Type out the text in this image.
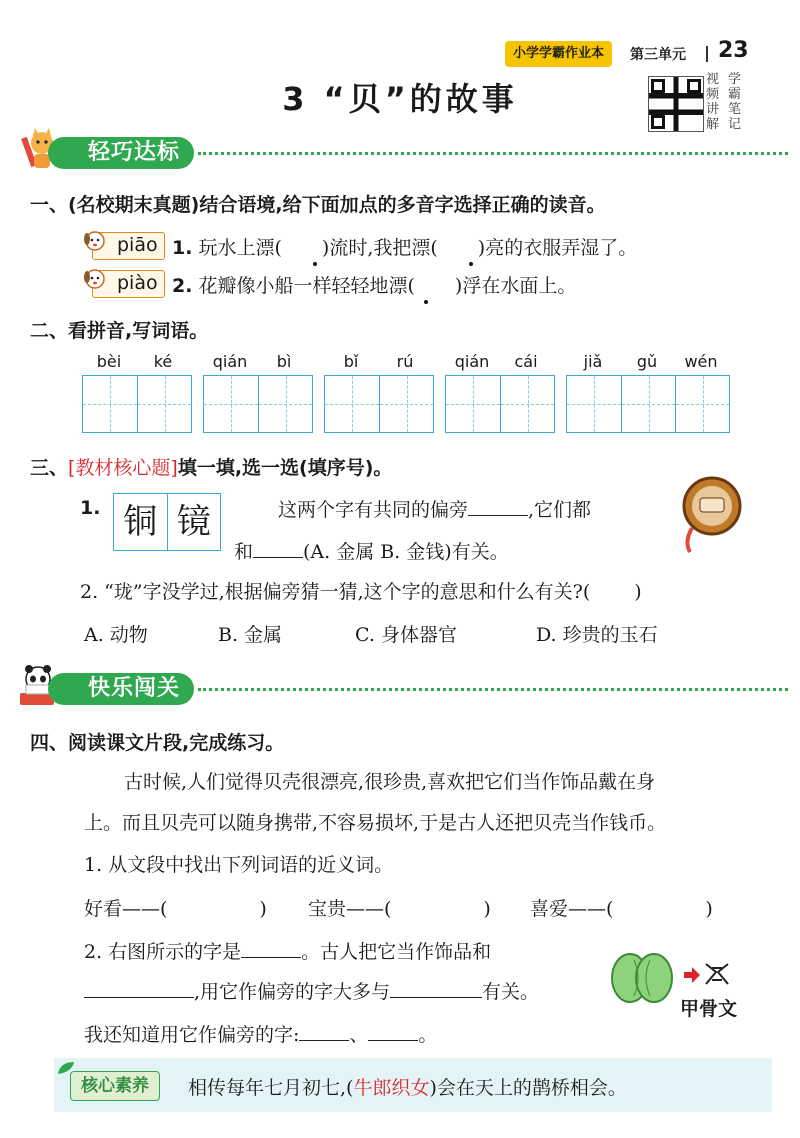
小学学霸作业本	第三单元 23
3 “贝”的故事
视频讲解
学霸笔记
轻巧达标
一、(名校期末真题)结合语境,给下面加点的多音字选择正确的读音。
piāo
piào
1. 玩水上漂( )流时,我把漂( )亮的衣服弄湿了。
2. 花瓣像小船一样轻轻地漂( )浮在水面上。
二、看拼音,写词语。
bèi	ké	qián	bì	bǐ	rú	qián	cái	jiǎ	gǔ	wén
三、[教材核心题]填一填,选一选(填序号)。
1. 铜 镜	这两个字有共同的偏旁	,它们都
和	(A. 金属 B. 金钱)有关。
2. “珑”字没学过,根据偏旁猜一猜,这个字的意思和什么有关?( )
A. 动物	B. 金属	C. 身体器官	D. 珍贵的玉石
快乐闯关
四、阅读课文片段,完成练习。
古时候,人们觉得贝壳很漂亮,很珍贵,喜欢把它们当作饰品戴在身
上。而且贝壳可以随身携带,不容易损坏,于是古人还把贝壳当作钱币。
1. 从文段中找出下列词语的近义词。
好看——(	) 宝贵——(	) 喜爱——(	)
2. 右图所示的字是	。古人把它当作饰品和
,用它作偏旁的字大多与	有关。
我还知道用它作偏旁的字:	、	。
甲骨文
核心素养	相传每年七月初七,(牛郎织女)会在天上的鹊桥相会。
